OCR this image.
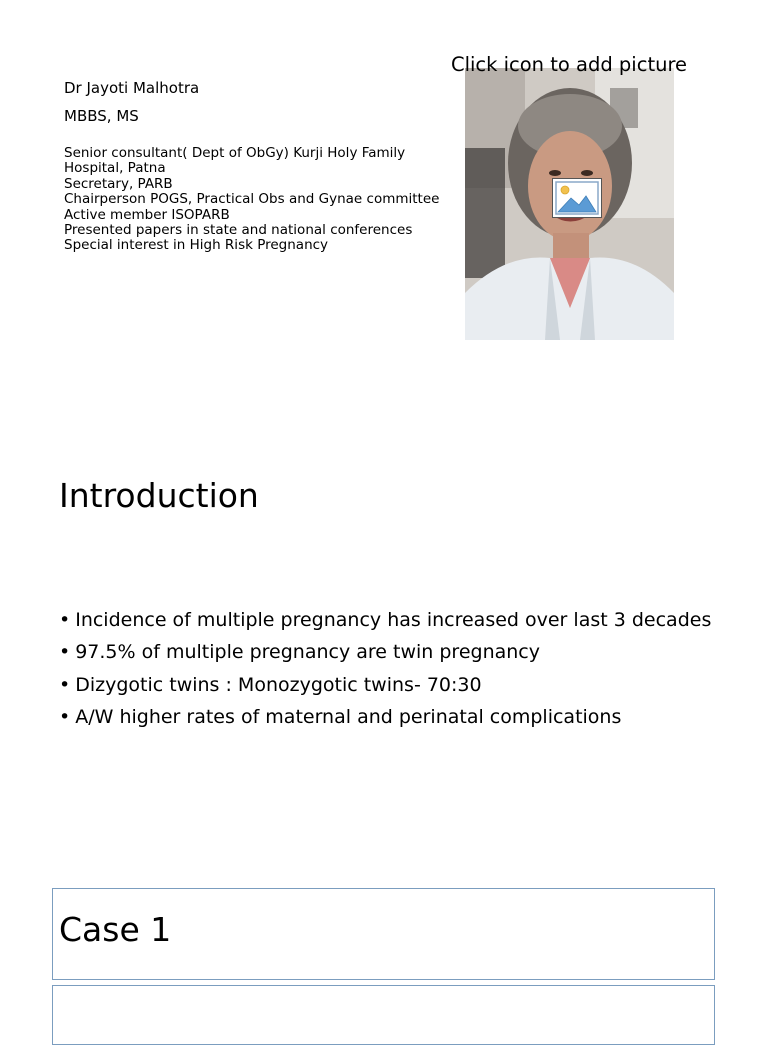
Dr Jayoti Malhotra
MBBS, MS
Senior consultant( Dept of ObGy) Kurji Holy Family Hospital, Patna
Secretary, PARB
Chairperson POGS, Practical Obs and Gynae committee
Active member ISOPARB
Presented papers in state and national conferences
Special interest in High Risk Pregnancy
Click icon to add picture
Introduction
• Incidence of multiple pregnancy has increased over last 3 decades
• 97.5% of multiple pregnancy are twin pregnancy
• Dizygotic twins : Monozygotic twins- 70:30
• A/W higher rates of maternal and perinatal complications
Case 1
